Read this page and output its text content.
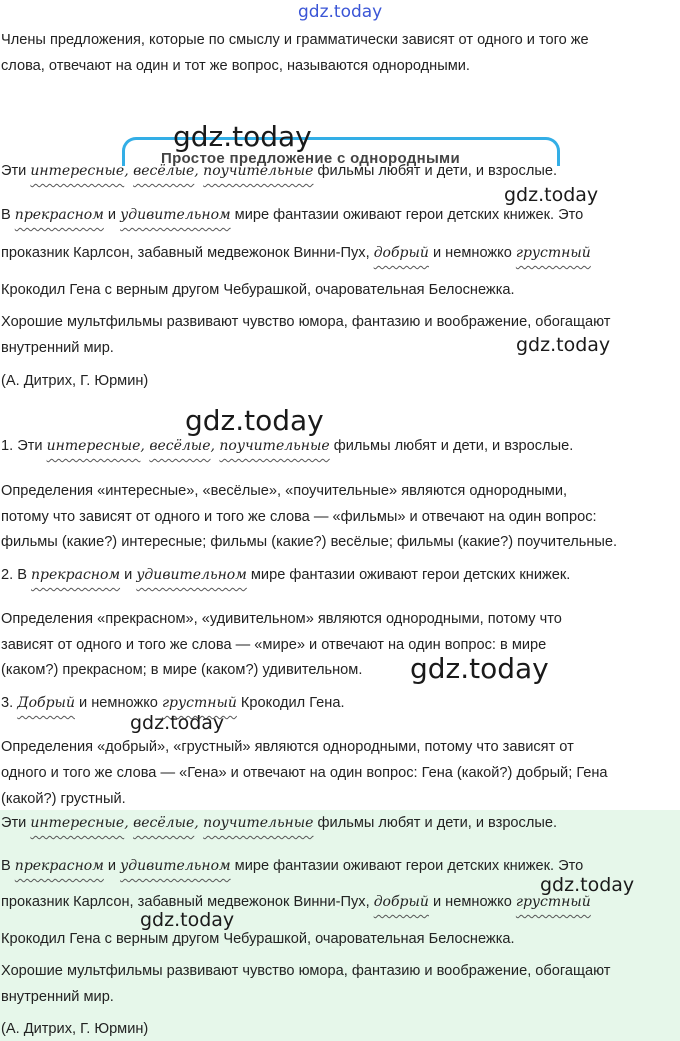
gdz.today
Члены предложения, которые по смыслу и грамматически зависят от одного и того же
слова, отвечают на один и тот же вопрос, называются однородными.
Простое предложение с однородными
gdz.today
Эти интересные, весёлые, поучительные фильмы любят и дети, и взрослые.
gdz.today
В прекрасном и удивительном мире фантазии оживают герои детских книжек. Это
проказник Карлсон, забавный медвежонок Винни-Пух, добрый и немножко грустный
Крокодил Гена с верным другом Чебурашкой, очаровательная Белоснежка.
Хорошие мультфильмы развивают чувство юмора, фантазию и воображение, обогащают
внутренний мир.	gdz.today
(А. Дитрих, Г. Юрмин)
gdz.today
1. Эти интересные, весёлые, поучительные фильмы любят и дети, и взрослые.
Определения «интересные», «весёлые», «поучительные» являются однородными,
потому что зависят от одного и того же слова — «фильмы» и отвечают на один вопрос:
фильмы (какие?) интересные; фильмы (какие?) весёлые; фильмы (какие?) поучительные.
2. В прекрасном и удивительном мире фантазии оживают герои детских книжек.
Определения «прекрасном», «удивительном» являются однородными, потому что
зависят от одного и того же слова — «мире» и отвечают на один вопрос: в мире
(каком?) прекрасном; в мире (каком?) удивительном. gdz.today
3. Добрый и немножко грустный Крокодил Гена.
gdz.today
Определения «добрый», «грустный» являются однородными, потому что зависят от
одного и того же слова — «Гена» и отвечают на один вопрос: Гена (какой?) добрый; Гена
(какой?) грустный.
Эти интересные, весёлые, поучительные фильмы любят и дети, и взрослые.
В прекрасном и удивительном мире фантазии оживают герои детских книжек. Это
gdz.today
проказник Карлсон, забавный медвежонок Винни-Пух, добрый и немножко грустный
gdz.today
Крокодил Гена с верным другом Чебурашкой, очаровательная Белоснежка.
Хорошие мультфильмы развивают чувство юмора, фантазию и воображение, обогащают
внутренний мир.
(А. Дитрих, Г. Юрмин)
